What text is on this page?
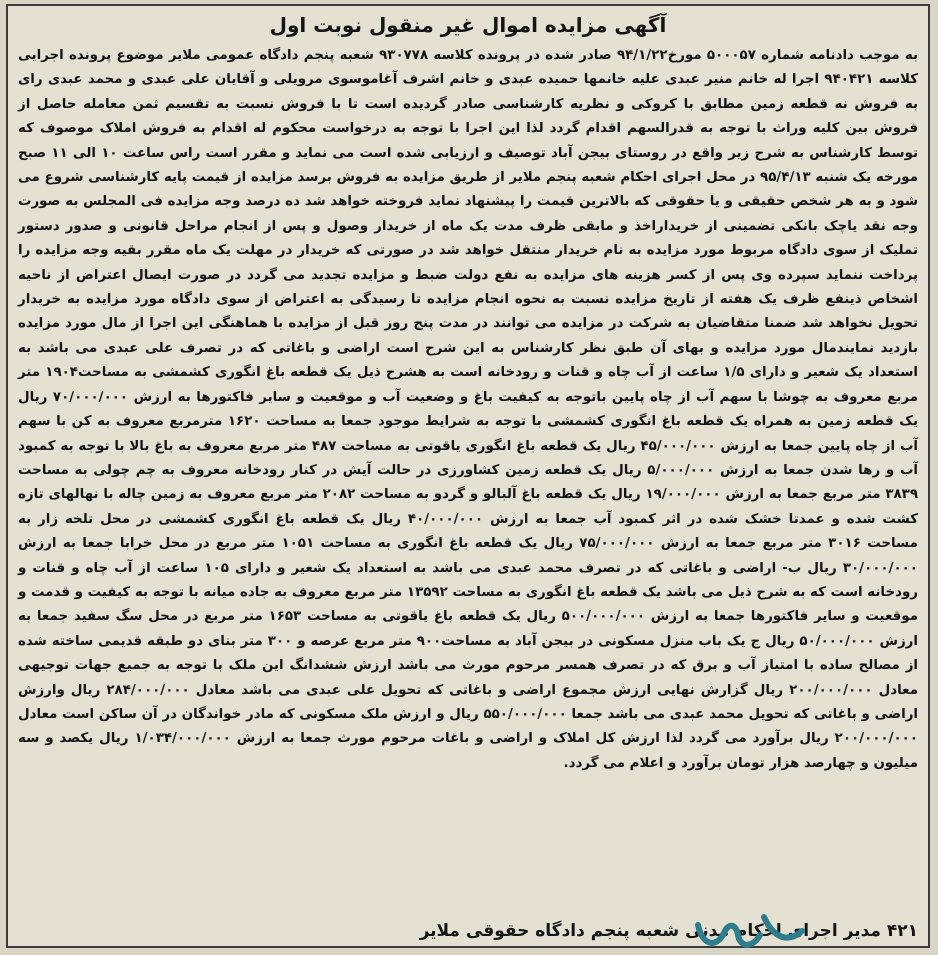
آگهی مزایده اموال غیر منقول نوبت اول

به موجب دادنامه شماره ۵۰۰۰۵۷ مورخ۹۴/۱/۲۲ صادر شده در پرونده کلاسه ۹۳۰۷۷۸ شعبه پنجم دادگاه عمومی ملایر موضوع پرونده اجرایی کلاسه ۹۴۰۴۲۱ اجرا له خانم منیر عبدی علیه خانمها حمیده عبدی و خانم اشرف آغاموسوی مرویلی و آقایان علی عبدی و محمد عبدی رای به فروش نه قطعه زمین مطابق با کروکی و نظریه کارشناسی صادر گردیده است تا با فروش نسبت به تقسیم ثمن معامله حاصل از فروش بین کلیه وراث با توجه به قدرالسهم اقدام گردد لذا این اجرا با توجه به درخواست محکوم له اقدام به فروش املاک موصوف که توسط کارشناس به شرح زیر واقع در روستای بیجن آباد توصیف و ارزیابی شده است می نماید و مقرر است راس ساعت ۱۰ الی ۱۱ صبح مورخه یک شنبه ۹۵/۴/۱۳ در محل اجرای احکام شعبه پنجم ملایر از طریق مزایده به فروش برسد مزایده از قیمت پایه کارشناسی شروع می شود و به هر شخص حقیقی و یا حقوقی که بالاترین قیمت را پیشنهاد نماید فروخته خواهد شد ده درصد وجه مزایده فی المجلس به صورت وجه نقد یاچک بانکی تضمینی از خریداراخذ و مابقی ظرف مدت یک ماه از خریدار وصول و پس از انجام مراحل قانونی و صدور دستور تملیک از سوی دادگاه مربوط مورد مزایده به نام خریدار منتقل خواهد شد در صورتی که خریدار در مهلت یک ماه مقرر بقیه وجه مزایده را پرداخت ننماید سپرده وی پس از کسر هزینه های مزایده به نفع دولت ضبط و مزایده تجدید می گردد در صورت ایصال اعتراض از ناحیه اشخاص ذینفع ظرف یک هفته از تاریخ مزایده نسبت به نحوه انجام مزایده تا رسیدگی به اعتراض از سوی دادگاه مورد مزایده به خریدار تحویل نخواهد شد ضمنا متقاضیان به شرکت در مزایده می توانند در مدت پنج روز قبل از مزایده با هماهنگی این اجرا از مال مورد مزایده بازدید نمایندمال مورد مزایده و بهای آن طبق نظر کارشناس به این شرح است اراضی و باغاتی که در تصرف علی عبدی می باشد به استعداد یک شعیر و دارای ۱/۵ ساعت از آب چاه و قنات و رودخانه است به هشرح ذیل یک قطعه باغ انگوری کشمشی به مساحت۱۹۰۴ متر مربع معروف به چوشا با سهم آب از چاه پایین باتوجه به کیفیت باغ و وضعیت آب و موقعیت و سایر فاکتورها به ارزش ۷۰/۰۰۰/۰۰۰ ریال یک قطعه زمین به همراه یک قطعه باغ انگوری کشمشی با توجه به شرایط موجود جمعا به مساحت ۱۶۲۰ مترمربع معروف به کن با سهم آب از چاه پایین جمعا به ارزش ۴۵/۰۰۰/۰۰۰ ریال یک قطعه باغ انگوری یاقوتی به مساحت ۴۸۷ متر مربع معروف به باغ بالا با توجه به کمبود آب و رها شدن جمعا به ارزش ۵/۰۰۰/۰۰۰ ریال یک قطعه زمین کشاورزی در حالت آیش در کنار رودخانه معروف به چم چولی به مساحت ۳۸۳۹ متر مربع جمعا به ارزش ۱۹/۰۰۰/۰۰۰ ریال یک قطعه باغ آلبالو و گردو به مساحت ۲۰۸۲ متر مربع معروف به زمین چاله با نهالهای تازه کشت شده و عمدتا خشک شده در اثر کمبود آب جمعا به ارزش ۴۰/۰۰۰/۰۰۰ ریال یک قطعه باغ انگوری کشمشی در محل تلخه زار به مساحت ۳۰۱۶ متر مربع جمعا به ارزش ۷۵/۰۰۰/۰۰۰ ریال یک قطعه باغ انگوری به مساحت ۱۰۵۱ متر مربع در محل خرابا جمعا به ارزش ۳۰/۰۰۰/۰۰۰ ریال ب- اراضی و باغاتی که در تصرف محمد عبدی می باشد به استعداد یک شعیر و دارای ۱۰۵ ساعت از آب چاه و قنات و رودخانه است که به شرح ذیل می باشد یک قطعه باغ انگوری به مساحت ۱۳۵۹۲ متر مربع معروف به جاده میانه با توجه به کیفیت و قدمت و موقعیت و سایر فاکتورها جمعا به ارزش ۵۰۰/۰۰۰/۰۰۰ ریال یک قطعه باغ یاقوتی به مساحت ۱۶۵۳ متر مربع در محل سگ سفید جمعا به ارزش ۵۰/۰۰۰/۰۰۰ ریال ج یک باب منزل مسکونی در بیجن آباد به مساحت۹۰۰ متر مربع عرصه و ۳۰۰ متر بنای دو طبقه قدیمی ساخته شده از مصالح ساده با امتیاز آب و برق که در تصرف همسر مرحوم مورث می باشد ارزش ششدانگ این ملک با توجه به جمیع جهات توجیهی معادل ۲۰۰/۰۰۰/۰۰۰ ریال گزارش نهایی ارزش مجموع اراضی و باغاتی که تحویل علی عبدی می باشد معادل ۲۸۴/۰۰۰/۰۰۰ ریال وارزش اراضی و باغاتی که تحویل محمد عبدی می باشد جمعا ۵۵۰/۰۰۰/۰۰۰ ریال و ارزش ملک مسکونی که مادر خواندگان در آن ساکن است معادل ۲۰۰/۰۰۰/۰۰۰ ریال برآورد می گردد لذا ارزش کل املاک و اراضی و باغات مرحوم مورث جمعا به ارزش ۱/۰۳۴/۰۰۰/۰۰۰ ریال یکصد و سه میلیون و چهارصد هزار تومان برآورد و اعلام می گردد.

۴۲۱ مدیر اجرای احکام مدنی شعبه پنجم دادگاه حقوقی ملایر
